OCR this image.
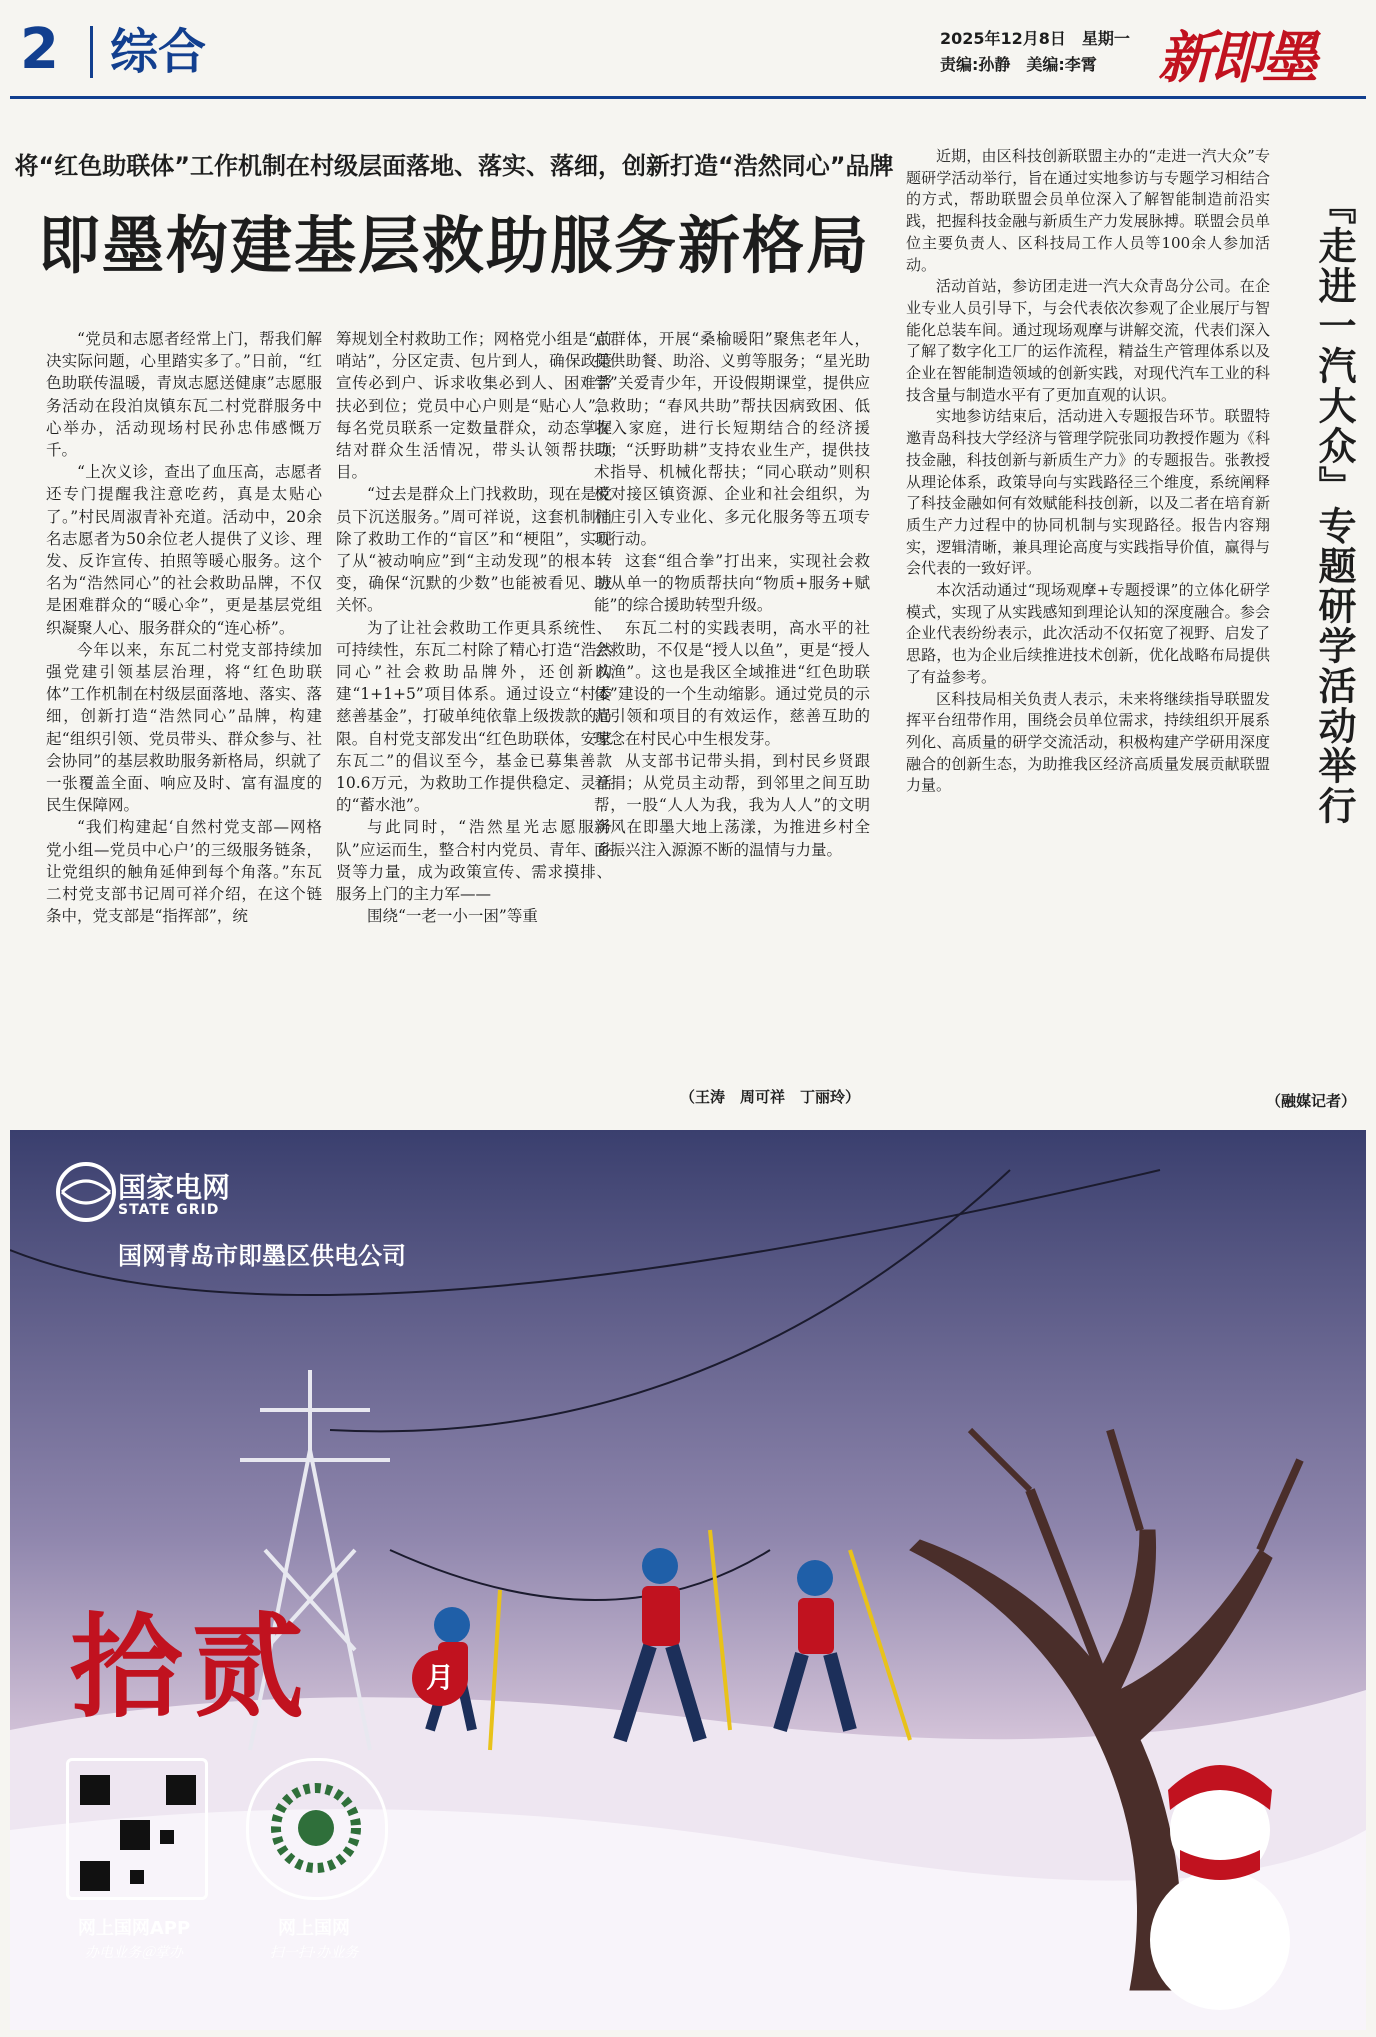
2 综合	2025年12月8日　星期一
责编:孙静　美编:李霄 新即墨
将“红色助联体”工作机制在村级层面落地、落实、落细，创新打造“浩然同心”品牌
即墨构建基层救助服务新格局

“党员和志愿者经常上门，帮我们解决实际问题，心里踏实多了。”日前，“红色助联传温暖，青岚志愿送健康”志愿服务活动在段泊岚镇东瓦二村党群服务中心举办，活动现场村民孙忠伟感慨万千。

“上次义诊，查出了血压高，志愿者还专门提醒我注意吃药，真是太贴心了。”村民周淑青补充道。活动中，20余名志愿者为50余位老人提供了义诊、理发、反诈宣传、拍照等暖心服务。这个名为“浩然同心”的社会救助品牌，不仅是困难群众的“暖心伞”，更是基层党组织凝聚人心、服务群众的“连心桥”。

今年以来，东瓦二村党支部持续加强党建引领基层治理，将“红色助联体”工作机制在村级层面落地、落实、落细，创新打造“浩然同心”品牌，构建起“组织引领、党员带头、群众参与、社会协同”的基层救助服务新格局，织就了一张覆盖全面、响应及时、富有温度的民生保障网。

“我们构建起‘自然村党支部—网格党小组—党员中心户’的三级服务链条，让党组织的触角延伸到每个角落。”东瓦二村党支部书记周可祥介绍，在这个链条中，党支部是“指挥部”，统

筹规划全村救助工作；网格党小组是“前哨站”，分区定责、包片到人，确保政策宣传必到户、诉求收集必到人、困难帮扶必到位；党员中心户则是“贴心人”，每名党员联系一定数量群众，动态掌握结对群众生活情况，带头认领帮扶项目。

“过去是群众上门找救助，现在是党员下沉送服务。”周可祥说，这套机制消除了救助工作的“盲区”和“梗阻”，实现了从“被动响应”到“主动发现”的根本转变，确保“沉默的少数”也能被看见、被关怀。

为了让社会救助工作更具系统性、可持续性，东瓦二村除了精心打造“浩然同心”社会救助品牌外，还创新构建“1+1+5”项目体系。通过设立“村委慈善基金”，打破单纯依靠上级拨款的局限。自村党支部发出“红色助联体，安家东瓦二”的倡议至今，基金已募集善款10.6万元，为救助工作提供稳定、灵活的“蓄水池”。

与此同时，“浩然星光志愿服务队”应运而生，整合村内党员、青年、乡贤等力量，成为政策宣传、需求摸排、服务上门的主力军——

围绕“一老一小一困”等重

点群体，开展“桑榆暖阳”聚焦老年人，提供助餐、助浴、义剪等服务；“星光助学”关爱青少年，开设假期课堂，提供应急救助；“春风共助”帮扶因病致困、低收入家庭，进行长短期结合的经济援助；“沃野助耕”支持农业生产，提供技术指导、机械化帮扶；“同心联动”则积极对接区镇资源、企业和社会组织，为村庄引入专业化、多元化服务等五项专项行动。

这套“组合拳”打出来，实现社会救助从单一的物质帮扶向“物质+服务+赋能”的综合援助转型升级。

东瓦二村的实践表明，高水平的社会救助，不仅是“授人以鱼”，更是“授人以渔”。这也是我区全域推进“红色助联体”建设的一个生动缩影。通过党员的示范引领和项目的有效运作，慈善互助的理念在村民心中生根发芽。

从支部书记带头捐，到村民乡贤跟着捐；从党员主动帮，到邻里之间互助帮，一股“人人为我，我为人人”的文明新风在即墨大地上荡漾，为推进乡村全面振兴注入源源不断的温情与力量。

（王涛　周可祥　丁丽玲）

近期，由区科技创新联盟主办的“走进一汽大众”专题研学活动举行，旨在通过实地参访与专题学习相结合的方式，帮助联盟会员单位深入了解智能制造前沿实践，把握科技金融与新质生产力发展脉搏。联盟会员单位主要负责人、区科技局工作人员等100余人参加活动。

活动首站，参访团走进一汽大众青岛分公司。在企业专业人员引导下，与会代表依次参观了企业展厅与智能化总装车间。通过现场观摩与讲解交流，代表们深入了解了数字化工厂的运作流程，精益生产管理体系以及企业在智能制造领域的创新实践，对现代汽车工业的科技含量与制造水平有了更加直观的认识。

实地参访结束后，活动进入专题报告环节。联盟特邀青岛科技大学经济与管理学院张同功教授作题为《科技金融，科技创新与新质生产力》的专题报告。张教授从理论体系，政策导向与实践路径三个维度，系统阐释了科技金融如何有效赋能科技创新，以及二者在培育新质生产力过程中的协同机制与实现路径。报告内容翔实，逻辑清晰，兼具理论高度与实践指导价值，赢得与会代表的一致好评。

本次活动通过“现场观摩+专题授课”的立体化研学模式，实现了从实践感知到理论认知的深度融合。参会企业代表纷纷表示，此次活动不仅拓宽了视野、启发了思路，也为企业后续推进技术创新，优化战略布局提供了有益参考。

区科技局相关负责人表示，未来将继续指导联盟发挥平台纽带作用，围绕会员单位需求，持续组织开展系列化、高质量的研学交流活动，积极构建产学研用深度融合的创新生态，为助推我区经济高质量发展贡献联盟力量。	『走进一汽大众』专题研学活动举行
（融媒记者）
国家电网
STATE GRID
国网青岛市即墨区供电公司
拾贰	月
网上国网APP
办电业务＠掌办
网上国网
扫一扫·办业务
